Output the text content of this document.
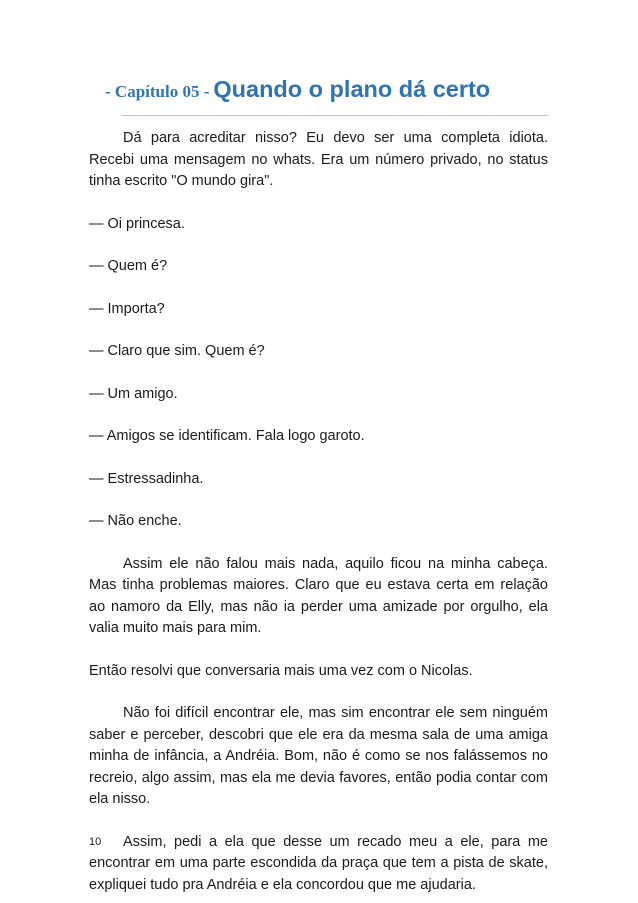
- Capítulo 05 - Quando o plano dá certo

Dá para acreditar nisso? Eu devo ser uma completa idiota. Recebi uma mensagem no whats. Era um número privado, no status tinha escrito "O mundo gira".

— Oi princesa.

— Quem é?

— Importa?

— Claro que sim. Quem é?

— Um amigo.

— Amigos se identificam. Fala logo garoto.

— Estressadinha.

— Não enche.

Assim ele não falou mais nada, aquilo ficou na minha cabeça. Mas tinha problemas maiores. Claro que eu estava certa em relação ao namoro da Elly, mas não ia perder uma amizade por orgulho, ela valia muito mais para mim.

Então resolvi que conversaria mais uma vez com o Nicolas.

Não foi difícil encontrar ele, mas sim encontrar ele sem ninguém saber e perceber, descobri que ele era da mesma sala de uma amiga minha de infância, a Andréia. Bom, não é como se nos falássemos no recreio, algo assim, mas ela me devia favores, então podia contar com ela nisso.

Assim, pedi a ela que desse um recado meu a ele, para me encontrar em uma parte escondida da praça que tem a pista de skate, expliquei tudo pra Andréia e ela concordou que me ajudaria.

10
